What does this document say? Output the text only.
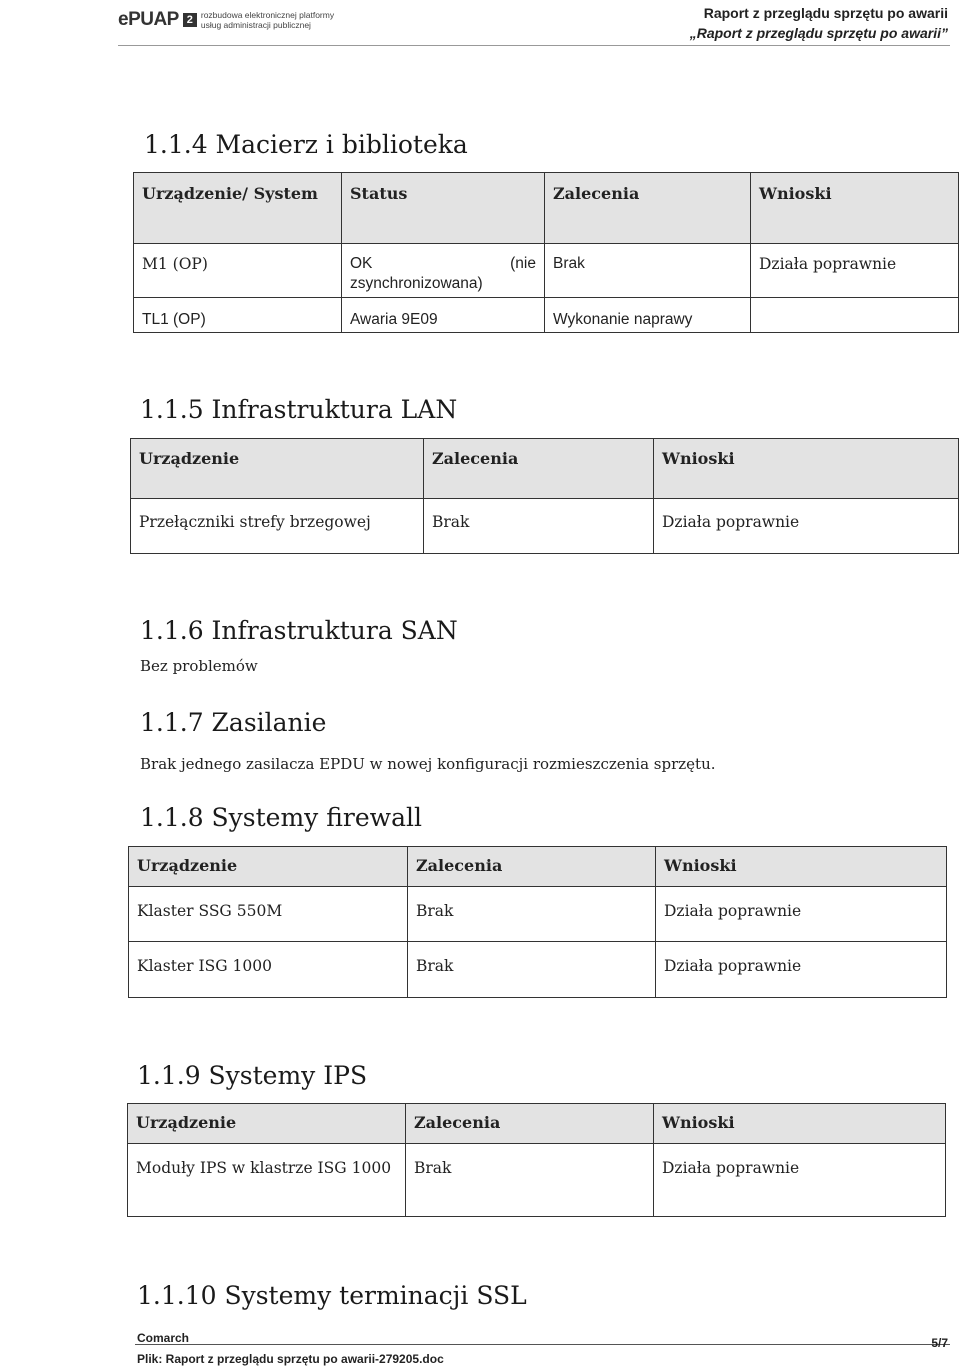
ePUAP 2 rozbudowa elektronicznej platformy
usług administracji publicznej
Raport z przeglądu sprzętu po awarii
„Raport z przeglądu sprzętu po awarii”
1.1.4 Macierz i biblioteka
Urządzenie/ System	Status	Zalecenia	Wnioski
M1 (OP)	OK (nie zsynchronizowana)	Brak	Działa poprawnie
TL1 (OP)	Awaria 9E09	Wykonanie naprawy	
1.1.5 Infrastruktura LAN
Urządzenie	Zalecenia	Wnioski
Przełączniki strefy brzegowej	Brak	Działa poprawnie
1.1.6 Infrastruktura SAN
Bez problemów
1.1.7 Zasilanie
Brak jednego zasilacza EPDU w nowej konfiguracji rozmieszczenia sprzętu.
1.1.8 Systemy firewall
Urządzenie	Zalecenia	Wnioski
Klaster SSG 550M	Brak	Działa poprawnie
Klaster ISG 1000	Brak	Działa poprawnie
1.1.9 Systemy IPS
Urządzenie	Zalecenia	Wnioski
Moduły IPS w klastrze ISG 1000	Brak	Działa poprawnie
1.1.10 Systemy terminacji SSL
Comarch	5/7
Plik: Raport z przeglądu sprzętu po awarii-279205.doc
